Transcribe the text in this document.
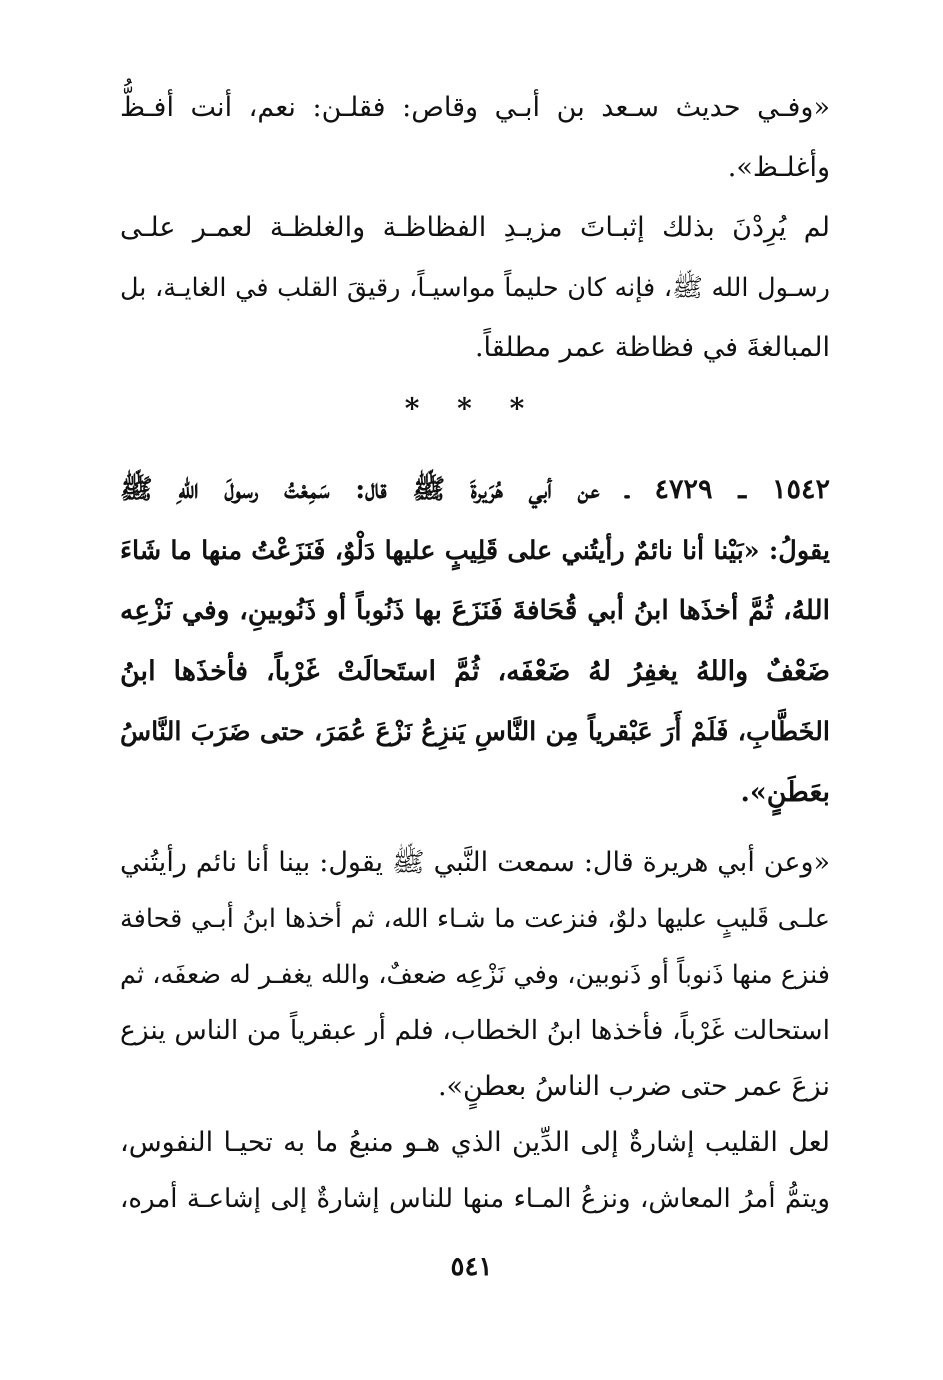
«وفـي حديث سـعد بن أبـي وقاص: فقلـن: نعم، أنت أفـظُّ
وأغلـظ».
لم يُرِدْنَ بذلك إثبـاتَ مزيـدِ الفظاظـة والغلظـة لعمـر علـى
رسـول الله ﷺ، فإنه كان حليماً مواسيـاً، رقيقَ القلب في الغايـة، بل
المبالغةَ في فظاظة عمر مطلقاً.
* * *
١٥٤٢ ـ ٤٧٢٩ ـ عن أبي هُرَيرةَ ﷺ قال: سَمِعْتُ رسولَ اللهِ ﷺ
يقولُ: «بَيْنا أنا نائمٌ رأيتُني على قَلِيبٍ عليها دَلْوٌ، فَنَزَعْتُ منها ما شَاءَ
اللهُ، ثُمَّ أخذَها ابنُ أبي قُحَافةَ فَنَزَعَ بها ذَنُوباً أو ذَنُوبينِ، وفي نَزْعِه
ضَعْفٌ واللهُ يغفِرُ لهُ ضَعْفَه، ثُمَّ استَحالَتْ غَرْباً، فأخذَها ابنُ
الخَطَّابِ، فَلَمْ أَرَ عَبْقرياً مِن النَّاسِ يَنزِعُ نَزْعَ عُمَرَ، حتى ضَرَبَ النَّاسُ
بعَطَنٍ».
«وعن أبي هريرة قال: سمعت النَّبي ﷺ يقول: بينا أنا نائم رأيتُني
علـى قَليبٍ عليها دلوٌ، فنزعت ما شـاء الله، ثم أخذها ابنُ أبـي قحافة
فنزع منها ذَنوباً أو ذَنوبين، وفي نَزْعِه ضعفٌ، والله يغفـر له ضعفَه، ثم
استحالت غَرْباً، فأخذها ابنُ الخطاب، فلم أر عبقرياً من الناس ينزع
نزعَ عمر حتى ضرب الناسُ بعطنٍ».
لعل القليب إشارةٌ إلى الدِّين الذي هـو منبعُ ما به تحيـا النفوس،
ويتمُّ أمرُ المعاش، ونزعُ المـاء منها للناس إشارةٌ إلى إشاعـة أمره،
٥٤١
